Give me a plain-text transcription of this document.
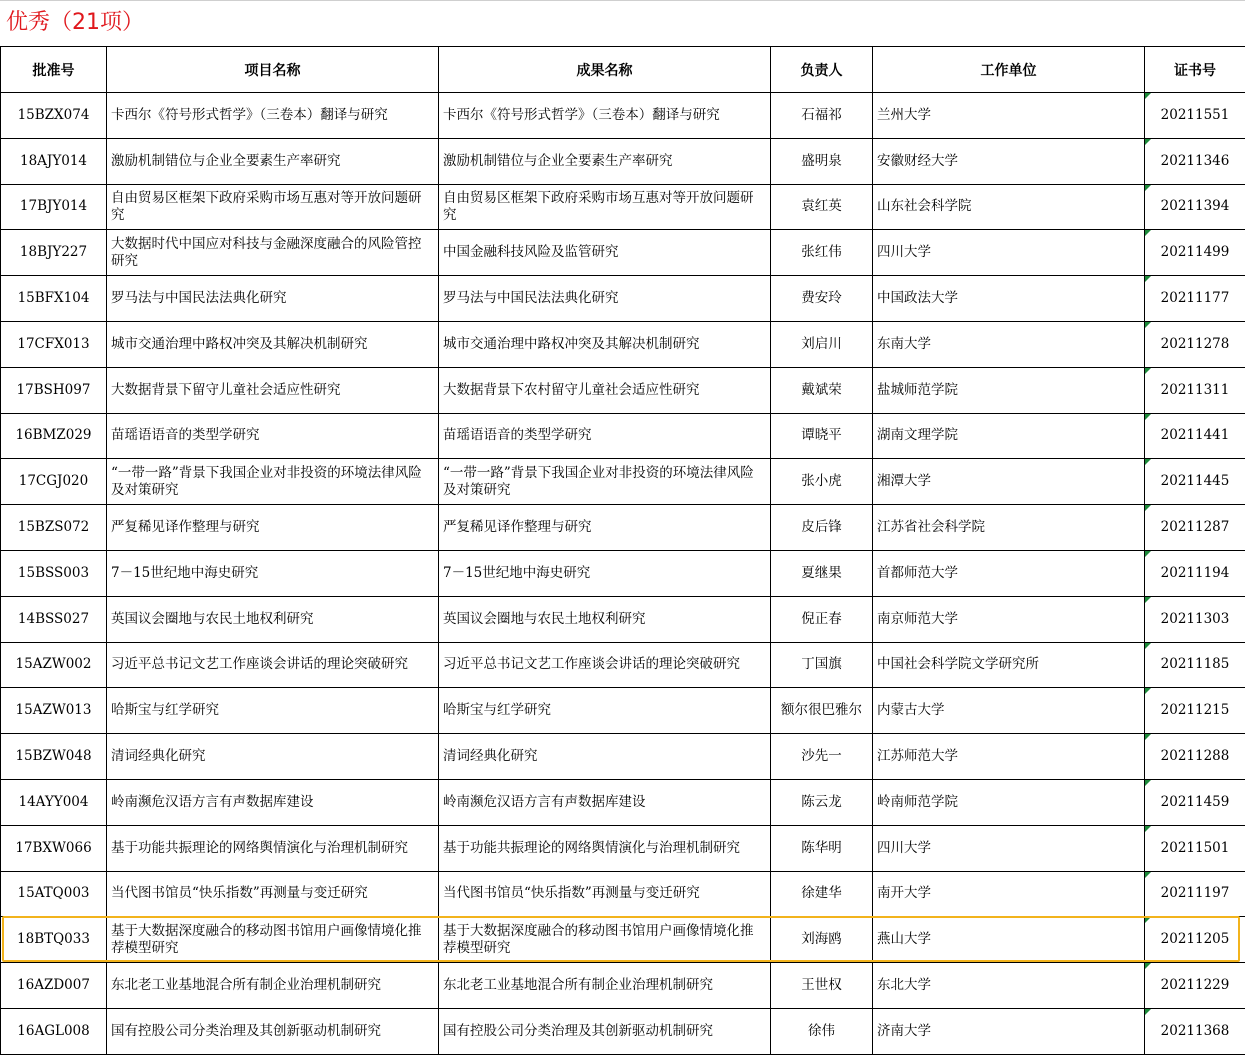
优秀（21项）
批准号	项目名称	成果名称	负责人	工作单位	证书号
15BZX074	卡西尔《符号形式哲学》（三卷本）翻译与研究	卡西尔《符号形式哲学》（三卷本）翻译与研究	石福祁	兰州大学	20211551
18AJY014	激励机制错位与企业全要素生产率研究	激励机制错位与企业全要素生产率研究	盛明泉	安徽财经大学	20211346
17BJY014	自由贸易区框架下政府采购市场互惠对等开放问题研究	自由贸易区框架下政府采购市场互惠对等开放问题研究	袁红英	山东社会科学院	20211394
18BJY227	大数据时代中国应对科技与金融深度融合的风险管控研究	中国金融科技风险及监管研究	张红伟	四川大学	20211499
15BFX104	罗马法与中国民法法典化研究	罗马法与中国民法法典化研究	费安玲	中国政法大学	20211177
17CFX013	城市交通治理中路权冲突及其解决机制研究	城市交通治理中路权冲突及其解决机制研究	刘启川	东南大学	20211278
17BSH097	大数据背景下留守儿童社会适应性研究	大数据背景下农村留守儿童社会适应性研究	戴斌荣	盐城师范学院	20211311
16BMZ029	苗瑶语语音的类型学研究	苗瑶语语音的类型学研究	谭晓平	湖南文理学院	20211441
17CGJ020	“一带一路”背景下我国企业对非投资的环境法律风险及对策研究	“一带一路”背景下我国企业对非投资的环境法律风险及对策研究	张小虎	湘潭大学	20211445
15BZS072	严复稀见译作整理与研究	严复稀见译作整理与研究	皮后锋	江苏省社会科学院	20211287
15BSS003	7－15世纪地中海史研究	7－15世纪地中海史研究	夏继果	首都师范大学	20211194
14BSS027	英国议会圈地与农民土地权利研究	英国议会圈地与农民土地权利研究	倪正春	南京师范大学	20211303
15AZW002	习近平总书记文艺工作座谈会讲话的理论突破研究	习近平总书记文艺工作座谈会讲话的理论突破研究	丁国旗	中国社会科学院文学研究所	20211185
15AZW013	哈斯宝与红学研究	哈斯宝与红学研究	额尔很巴雅尔	内蒙古大学	20211215
15BZW048	清词经典化研究	清词经典化研究	沙先一	江苏师范大学	20211288
14AYY004	岭南濒危汉语方言有声数据库建设	岭南濒危汉语方言有声数据库建设	陈云龙	岭南师范学院	20211459
17BXW066	基于功能共振理论的网络舆情演化与治理机制研究	基于功能共振理论的网络舆情演化与治理机制研究	陈华明	四川大学	20211501
15ATQ003	当代图书馆员“快乐指数”再测量与变迁研究	当代图书馆员“快乐指数”再测量与变迁研究	徐建华	南开大学	20211197
18BTQ033	基于大数据深度融合的移动图书馆用户画像情境化推荐模型研究	基于大数据深度融合的移动图书馆用户画像情境化推荐模型研究	刘海鸥	燕山大学	20211205
16AZD007	东北老工业基地混合所有制企业治理机制研究	东北老工业基地混合所有制企业治理机制研究	王世权	东北大学	20211229
16AGL008	国有控股公司分类治理及其创新驱动机制研究	国有控股公司分类治理及其创新驱动机制研究	徐伟	济南大学	20211368
